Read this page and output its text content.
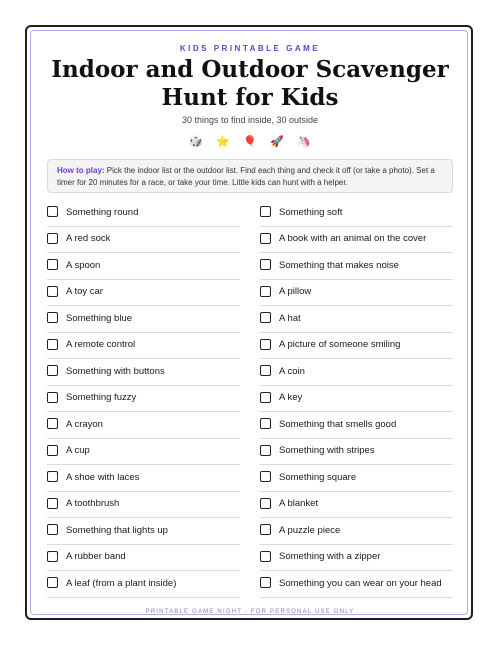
KIDS PRINTABLE GAME
Indoor and Outdoor Scavenger Hunt for Kids
30 things to find inside, 30 outside
🎲 ⭐ 🎈 🚀 🦄
How to play: Pick the indoor list or the outdoor list. Find each thing and check it off (or take a photo). Set a timer for 20 minutes for a race, or take your time. Little kids can hunt with a helper.
Something round
A red sock
A spoon
A toy car
Something blue
A remote control
Something with buttons
Something fuzzy
A crayon
A cup
A shoe with laces
A toothbrush
Something that lights up
A rubber band
A leaf (from a plant inside)
Something soft
A book with an animal on the cover
Something that makes noise
A pillow
A hat
A picture of someone smiling
A coin
A key
Something that smells good
Something with stripes
Something square
A blanket
A puzzle piece
Something with a zipper
Something you can wear on your head
PRINTABLE GAME NIGHT · FOR PERSONAL USE ONLY
